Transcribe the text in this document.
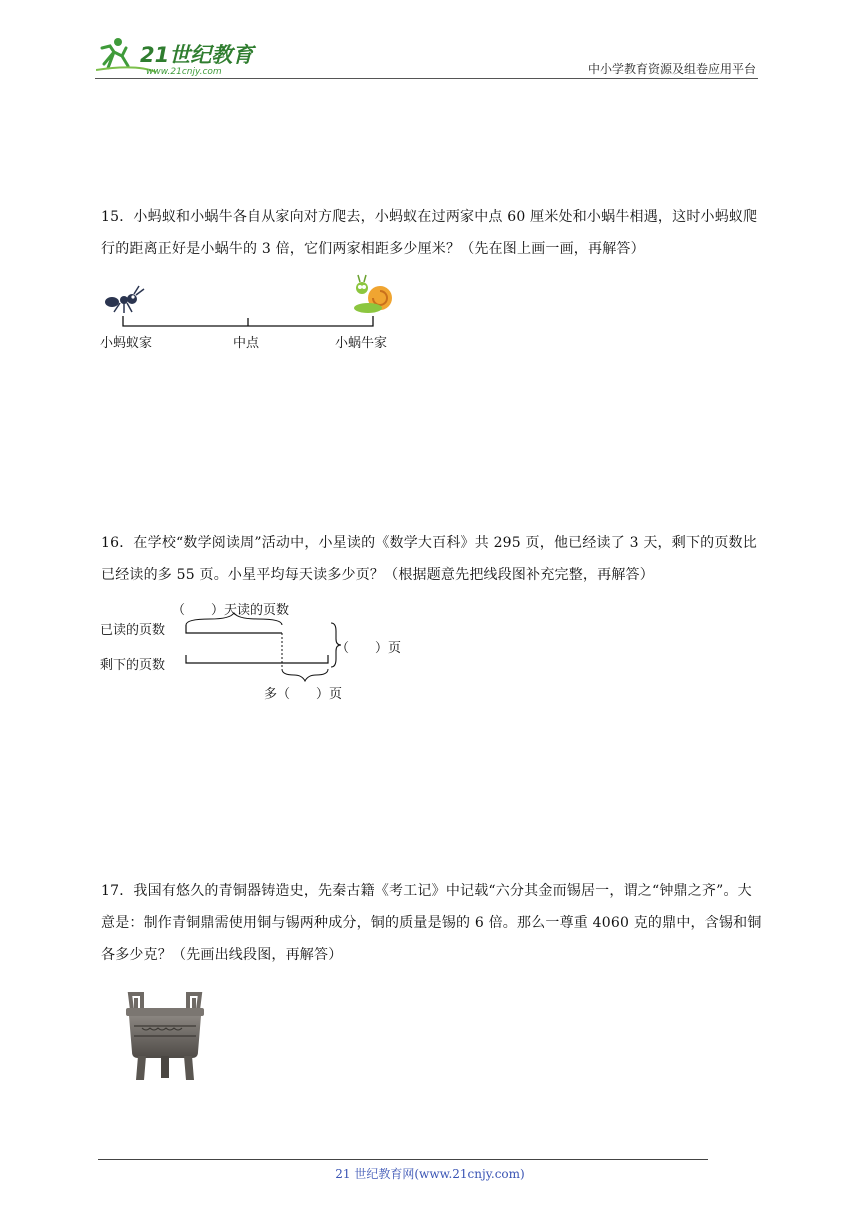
21世纪教育
www.21cnjy.com	中小学教育资源及组卷应用平台
15．小蚂蚁和小蜗牛各自从家向对方爬去，小蚂蚁在过两家中点 60 厘米处和小蜗牛相遇，这时小蚂蚁爬行的距离正好是小蜗牛的 3 倍，它们两家相距多少厘米？（先在图上画一画，再解答）
小蚂蚁家	中点	小蜗牛家
16．在学校“数学阅读周”活动中，小星读的《数学大百科》共 295 页，他已经读了 3 天，剩下的页数比已经读的多 55 页。小星平均每天读多少页？（根据题意先把线段图补充完整，再解答）
（　　）天读的页数
已读的页数
剩下的页数
（　　）页
多（　　）页
17．我国有悠久的青铜器铸造史，先秦古籍《考工记》中记载“六分其金而锡居一，谓之“钟鼎之齐”。大意是：制作青铜鼎需使用铜与锡两种成分，铜的质量是锡的 6 倍。那么一尊重 4060 克的鼎中，含锡和铜各多少克？（先画出线段图，再解答）
21 世纪教育网(www.21cnjy.com)
